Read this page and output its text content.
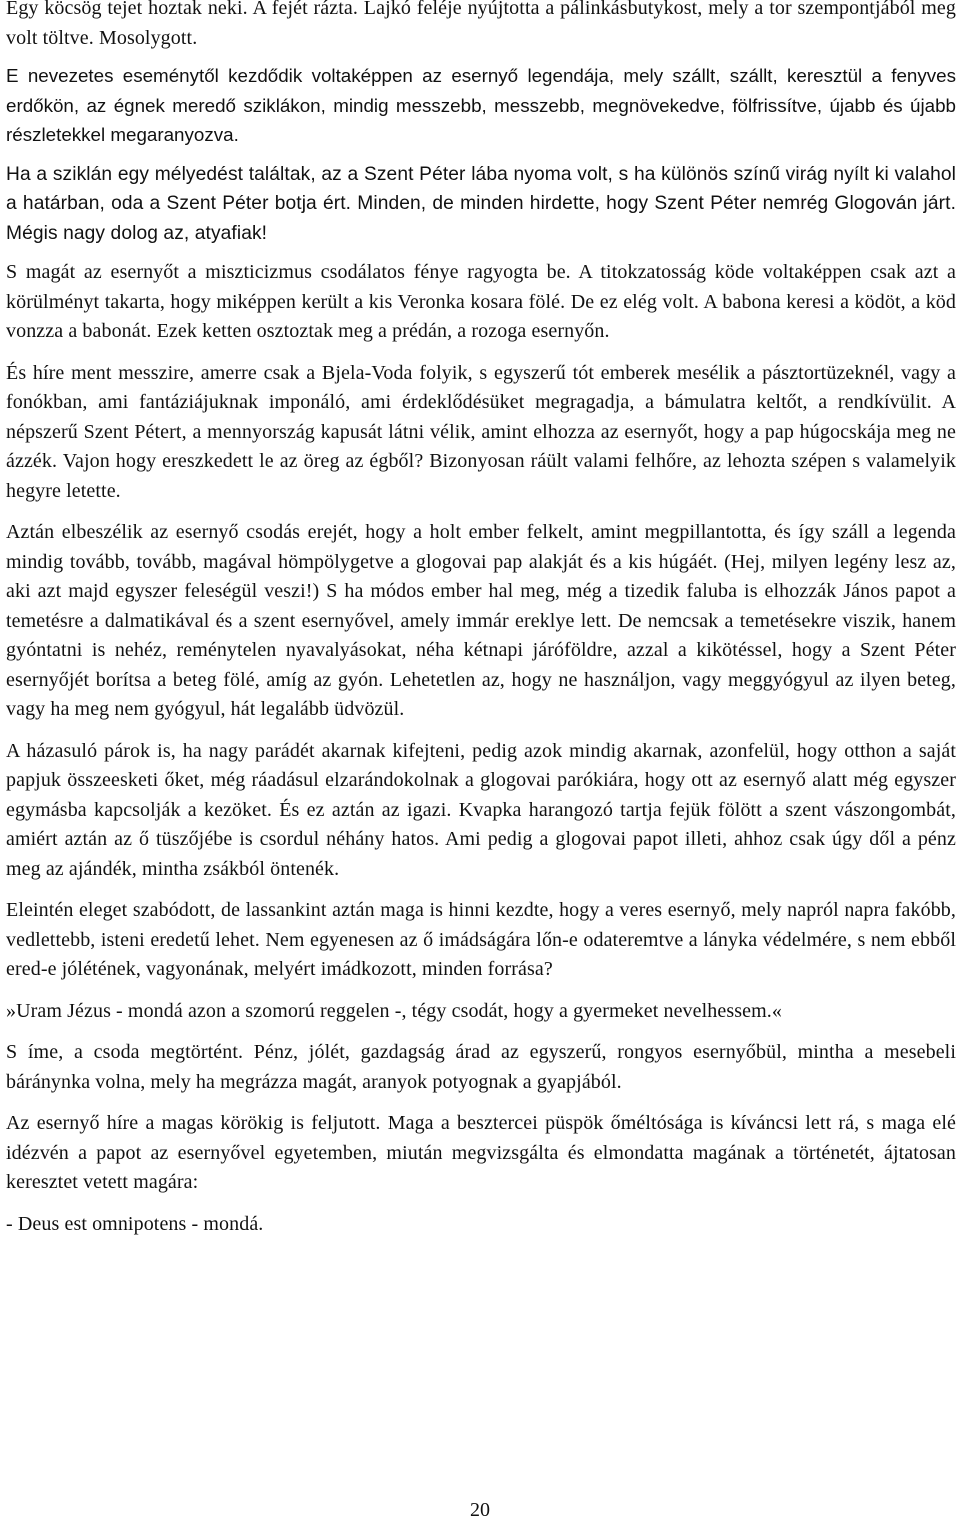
Egy köcsög tejet hoztak neki. A fejét rázta. Lajkó feléje nyújtotta a pálinkásbutykost, mely a tor szempontjából meg volt töltve. Mosolygott.

E nevezetes eseménytől kezdődik voltaképpen az esernyő legendája, mely szállt, szállt, keresztül a fenyves erdőkön, az égnek meredő sziklákon, mindig messzebb, messzebb, megnövekedve, fölfrissítve, újabb és újabb részletekkel megaranyozva.

Ha a sziklán egy mélyedést találtak, az a Szent Péter lába nyoma volt, s ha különös színű virág nyílt ki valahol a határban, oda a Szent Péter botja ért. Minden, de minden hirdette, hogy Szent Péter nemrég Glogován járt. Mégis nagy dolog az, atyafiak!

S magát az esernyőt a miszticizmus csodálatos fénye ragyogta be. A titokzatosság köde voltaképpen csak azt a körülményt takarta, hogy miképpen került a kis Veronka kosara fölé. De ez elég volt. A babona keresi a ködöt, a köd vonzza a babonát. Ezek ketten osztoztak meg a prédán, a rozoga esernyőn.

És híre ment messzire, amerre csak a Bjela-Voda folyik, s egyszerű tót emberek mesélik a pásztortüzeknél, vagy a fonókban, ami fantáziájuknak imponáló, ami érdeklődésüket megragadja, a bámulatra keltőt, a rendkívülit. A népszerű Szent Pétert, a mennyország kapusát látni vélik, amint elhozza az esernyőt, hogy a pap húgocskája meg ne ázzék. Vajon hogy ereszkedett le az öreg az égből? Bizonyosan ráült valami felhőre, az lehozta szépen s valamelyik hegyre letette.

Aztán elbeszélik az esernyő csodás erejét, hogy a holt ember felkelt, amint megpillantotta, és így száll a legenda mindig tovább, tovább, magával hömpölygetve a glogovai pap alakját és a kis húgáét. (Hej, milyen legény lesz az, aki azt majd egyszer feleségül veszi!) S ha módos ember hal meg, még a tizedik faluba is elhozzák János papot a temetésre a dalmatikával és a szent esernyővel, amely immár ereklye lett. De nemcsak a temetésekre viszik, hanem gyóntatni is nehéz, reménytelen nyavalyásokat, néha kétnapi járóföldre, azzal a kikötéssel, hogy a Szent Péter esernyőjét borítsa a beteg fölé, amíg az gyón. Lehetetlen az, hogy ne használjon, vagy meggyógyul az ilyen beteg, vagy ha meg nem gyógyul, hát legalább üdvözül.

A házasuló párok is, ha nagy parádét akarnak kifejteni, pedig azok mindig akarnak, azonfelül, hogy otthon a saját papjuk összeesketi őket, még ráadásul elzarándokolnak a glogovai parókiára, hogy ott az esernyő alatt még egyszer egymásba kapcsolják a kezöket. És ez aztán az igazi. Kvapka harangozó tartja fejük fölött a szent vászongombát, amiért aztán az ő tüszőjébe is csordul néhány hatos. Ami pedig a glogovai papot illeti, ahhoz csak úgy dől a pénz meg az ajándék, mintha zsákból öntenék.

Eleintén eleget szabódott, de lassankint aztán maga is hinni kezdte, hogy a veres esernyő, mely napról napra fakóbb, vedlettebb, isteni eredetű lehet. Nem egyenesen az ő imádságára lőn-e odateremtve a lányka védelmére, s nem ebből ered-e jólétének, vagyonának, melyért imádkozott, minden forrása?

»Uram Jézus - mondá azon a szomorú reggelen -, tégy csodát, hogy a gyermeket nevelhessem.«

S íme, a csoda megtörtént. Pénz, jólét, gazdagság árad az egyszerű, rongyos esernyőbül, mintha a mesebeli báránynka volna, mely ha megrázza magát, aranyok potyognak a gyapjából.

Az esernyő híre a magas körökig is feljutott. Maga a besztercei püspök őméltósága is kíváncsi lett rá, s maga elé idézvén a papot az esernyővel egyetemben, miután megvizsgálta és elmondatta magának a történetét, ájtatosan keresztet vetett magára:

- Deus est omnipotens - mondá.

20
